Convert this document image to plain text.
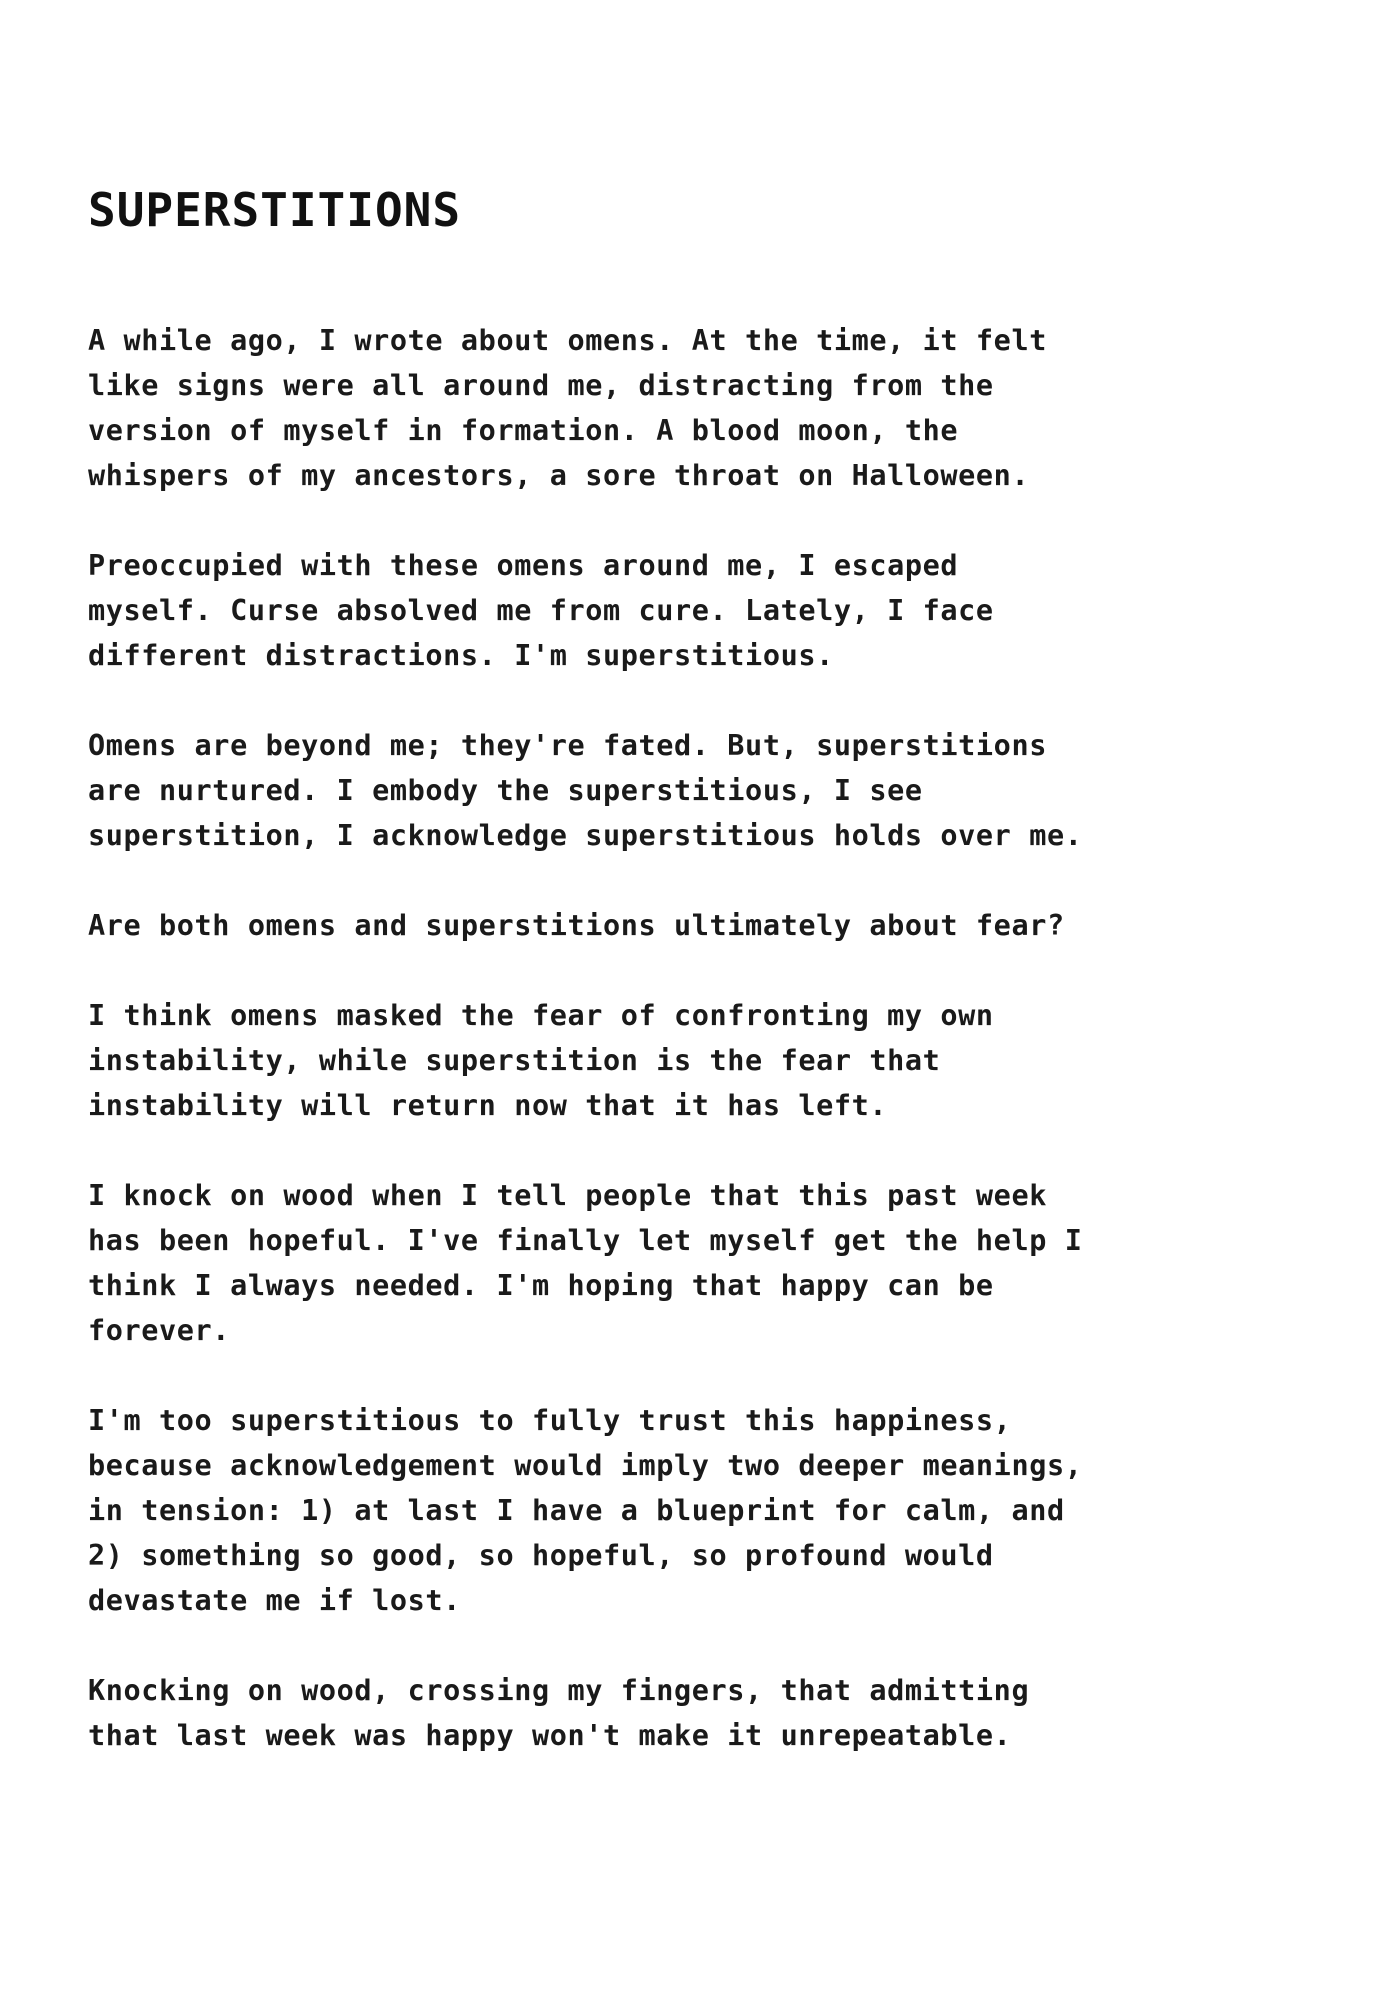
SUPERSTITIONS

A while ago, I wrote about omens. At the time, it felt
like signs were all around me, distracting from the
version of myself in formation. A blood moon, the
whispers of my ancestors, a sore throat on Halloween.

Preoccupied with these omens around me, I escaped
myself. Curse absolved me from cure. Lately, I face
different distractions. I'm superstitious.

Omens are beyond me; they're fated. But, superstitions
are nurtured. I embody the superstitious, I see
superstition, I acknowledge superstitious holds over me.

Are both omens and superstitions ultimately about fear?

I think omens masked the fear of confronting my own
instability, while superstition is the fear that
instability will return now that it has left.

I knock on wood when I tell people that this past week
has been hopeful. I've finally let myself get the help I
think I always needed. I'm hoping that happy can be
forever.

I'm too superstitious to fully trust this happiness,
because acknowledgement would imply two deeper meanings,
in tension: 1) at last I have a blueprint for calm, and
2) something so good, so hopeful, so profound would
devastate me if lost.

Knocking on wood, crossing my fingers, that admitting
that last week was happy won't make it unrepeatable.
